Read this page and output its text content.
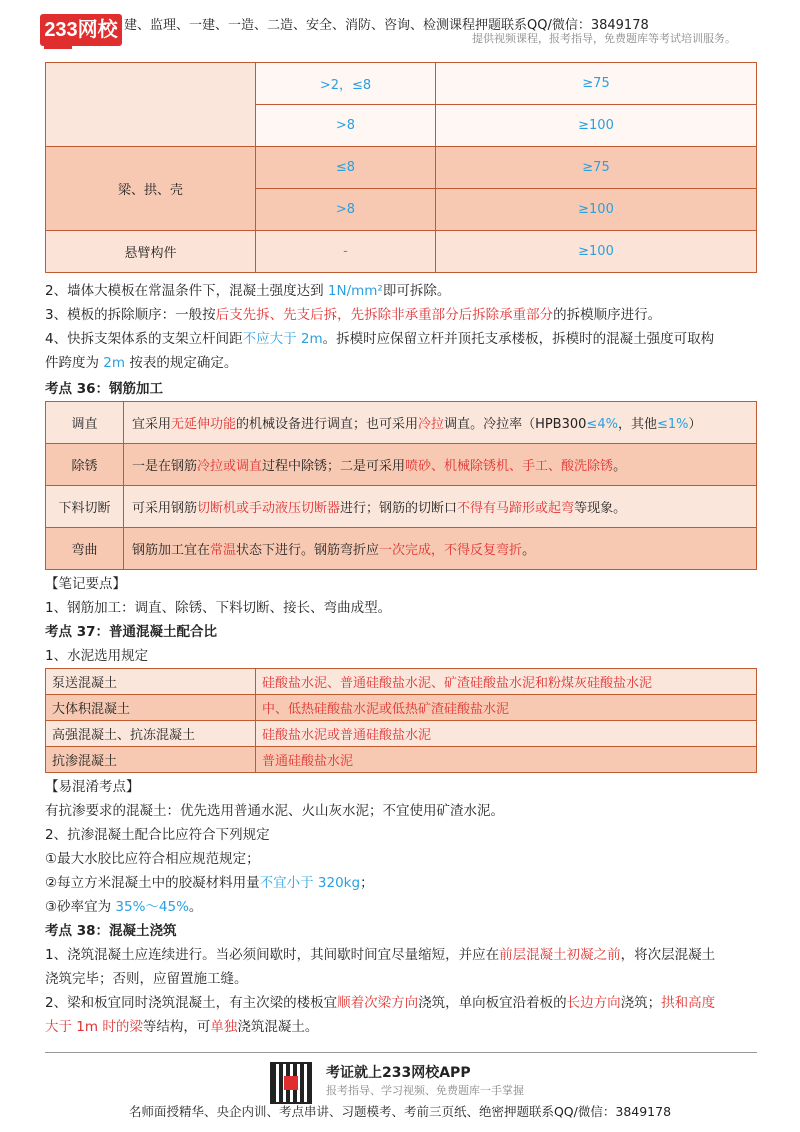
233网校 建、监理、一建、一造、二造、安全、消防、咨询、检测课程押题联系QQ/微信：3849178
提供视频课程，报考指导，免费题库等考试培训服务。
	>2，≤8	≥75
	>8	≥100
梁、拱、壳	≤8	≥75
	>8	≥100
悬臂构件	-	≥100

2、墙体大模板在常温条件下，混凝土强度达到 1N/mm²即可拆除。

3、模板的拆除顺序：一般按后支先拆、先支后拆，先拆除非承重部分后拆除承重部分的拆模顺序进行。

4、快拆支架体系的支架立杆间距不应大于 2m。拆模时应保留立杆并顶托支承楼板，拆模时的混凝土强度可取构

件跨度为 2m 按表的规定确定。

考点 36：钢筋加工
调直	宜采用无延伸功能的机械设备进行调直；也可采用冷拉调直。冷拉率（HPB300≤4%，其他≤1%）
除锈	一是在钢筋冷拉或调直过程中除锈；二是可采用喷砂、机械除锈机、手工、酸洗除锈。
下料切断	可采用钢筋切断机或手动液压切断器进行；钢筋的切断口不得有马蹄形或起弯等现象。
弯曲	钢筋加工宜在常温状态下进行。钢筋弯折应一次完成，不得反复弯折。

【笔记要点】

1、钢筋加工：调直、除锈、下料切断、接长、弯曲成型。

考点 37：普通混凝土配合比

1、水泥选用规定

泵送混凝土	硅酸盐水泥、普通硅酸盐水泥、矿渣硅酸盐水泥和粉煤灰硅酸盐水泥
大体积混凝土	中、低热硅酸盐水泥或低热矿渣硅酸盐水泥
高强混凝土、抗冻混凝土	硅酸盐水泥或普通硅酸盐水泥
抗渗混凝土	普通硅酸盐水泥

【易混淆考点】

有抗渗要求的混凝土：优先选用普通水泥、火山灰水泥；不宜使用矿渣水泥。

2、抗渗混凝土配合比应符合下列规定

①最大水胶比应符合相应规范规定；

②每立方米混凝土中的胶凝材料用量不宜小于 320kg；

③砂率宜为 35%～45%。

考点 38：混凝土浇筑

1、浇筑混凝土应连续进行。当必须间歇时，其间歇时间宜尽量缩短，并应在前层混凝土初凝之前，将次层混凝土

浇筑完毕；否则，应留置施工缝。

2、梁和板宜同时浇筑混凝土，有主次梁的楼板宜顺着次梁方向浇筑，单向板宜沿着板的长边方向浇筑；拱和高度

大于 1m 时的梁等结构，可单独浇筑混凝土。

考证就上233网校APP
报考指导、学习视频、免费题库一手掌握
名师面授精华、央企内训、考点串讲、习题模考、考前三页纸、绝密押题联系QQ/微信：3849178
